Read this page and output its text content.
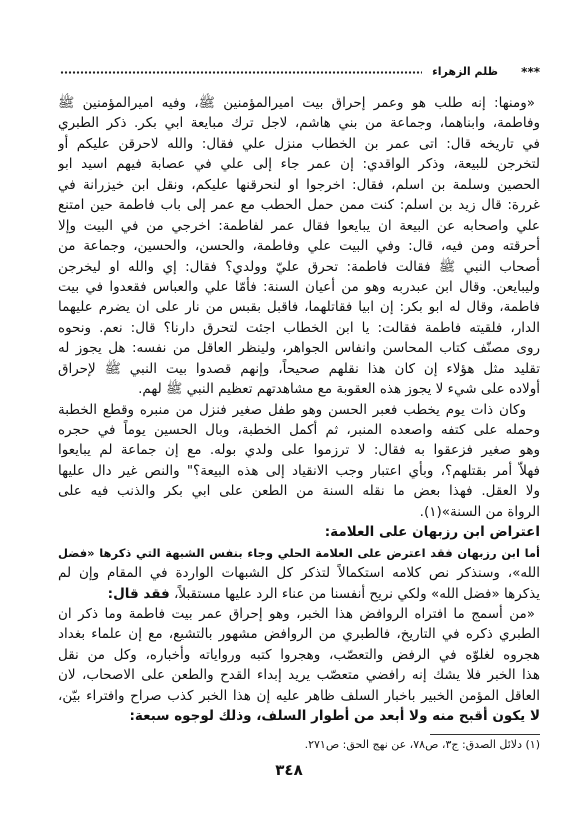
***
ظلم الزهراء
«ومنها: إنه طلب هو وعمر إحراق بيت اميرالمؤمنين ﷺ، وفيه اميرالمؤمنين ﷺ
وفاطمة، وابناهما، وجماعة من بني هاشم، لاجل ترك مبايعة ابي بكر. ذكر الطبري
في تاريخه قال: اتى عمر بن الخطاب منزل علي فقال: والله لاحرقن عليكم أو
لتخرجن للبيعة، وذكر الواقدي: إن عمر جاء إلى علي في عصابة فيهم اسيد ابو
الحصين وسلمة بن اسلم، فقال: اخرجوا او لنحرقنها عليكم، ونقل ابن خيزرانة في
غررة: قال زيد بن اسلم: كنت ممن حمل الحطب مع عمر إلى باب فاطمة حين امتنع
علي واصحابه عن البيعة ان يبايعوا فقال عمر لفاطمة: اخرجي من في البيت وإلا
أحرقته ومن فيه، قال: وفي البيت علي وفاطمة، والحسن، والحسين، وجماعة من
أصحاب النبي ﷺ فقالت فاطمة: تحرق عليّ وولدي؟ فقال: إي والله او ليخرجن
وليبايعن. وقال ابن عبدربه وهو من أعيان السنة: فأمّا علي والعباس فقعدوا في بيت
فاطمة، وقال له ابو بكر: إن ابيا فقاتلهما، فاقبل بقبس من نار على ان يضرم عليهما
الدار، فلقيته فاطمة فقالت: يا ابن الخطاب اجئت لتحرق دارنا؟ قال: نعم. ونحوه
روى مصنّف كتاب المحاسن وانفاس الجواهر، ولينظر العاقل من نفسه: هل يجوز له
تقليد مثل هؤلاء إن كان هذا نقلهم صحيحاً، وإنهم قصدوا بيت النبي ﷺ لإحراق
أولاده على شيء لا يجوز هذه العقوبة مع مشاهدتهم تعظيم النبي ﷺ لهم.
وكان ذات يوم يخطب فعبر الحسن وهو طفل صغير فنزل من منبره وقطع الخطبة
وحمله على كتفه واصعده المنبر، ثم أكمل الخطبة، وبال الحسين يوماً في حجره
وهو صغير فزعقوا به فقال: لا ترزموا على ولدي بوله. مع إن جماعة لم يبايعوا
فهلاّ أمر بقتلهم؟، وبأي اعتبار وجب الانقياد إلى هذه البيعة؟" والنص غير دال عليها
ولا العقل. فهذا بعض ما نقله السنة من الطعن على ابي بكر والذنب فيه على
الرواة من السنة»(١).
اعتراض ابن رزبهان على العلامة:
أما ابن رزبهان فقد اعترض على العلامة الحلي وجاء بنفس الشبهة التي ذكرها «فضل
الله»، وسنذكر نص كلامه استكمالاً لتذكر كل الشبهات الواردة في المقام وإن لم
يذكرها «فضل الله» ولكي نريح أنفسنا من عناء الرد عليها مستقبلاً، فقد قال:
«من أسمج ما افتراه الروافض هذا الخبر، وهو إحراق عمر بيت فاطمة وما ذكر ان
الطبري ذكره في التاريخ، فالطبري من الروافض مشهور بالتشيع، مع إن علماء بغداد
هجروه لغلوّه في الرفض والتعصّب، وهجروا كتبه ورواياته وأخباره، وكل من نقل
هذا الخبر فلا يشك إنه رافضي متعصّب يريد إبداء القدح والطعن على الاصحاب، لان
العاقل المؤمن الخبير باخبار السلف ظاهر عليه إن هذا الخبر كذب صراح وافتراء بيّن،
لا يكون أقبح منه ولا أبعد من أطوار السلف، وذلك لوجوه سبعة:
(١) دلائل الصدق: ج٣، ص٧٨، عن نهج الحق: ص٢٧١.
٣٤٨
